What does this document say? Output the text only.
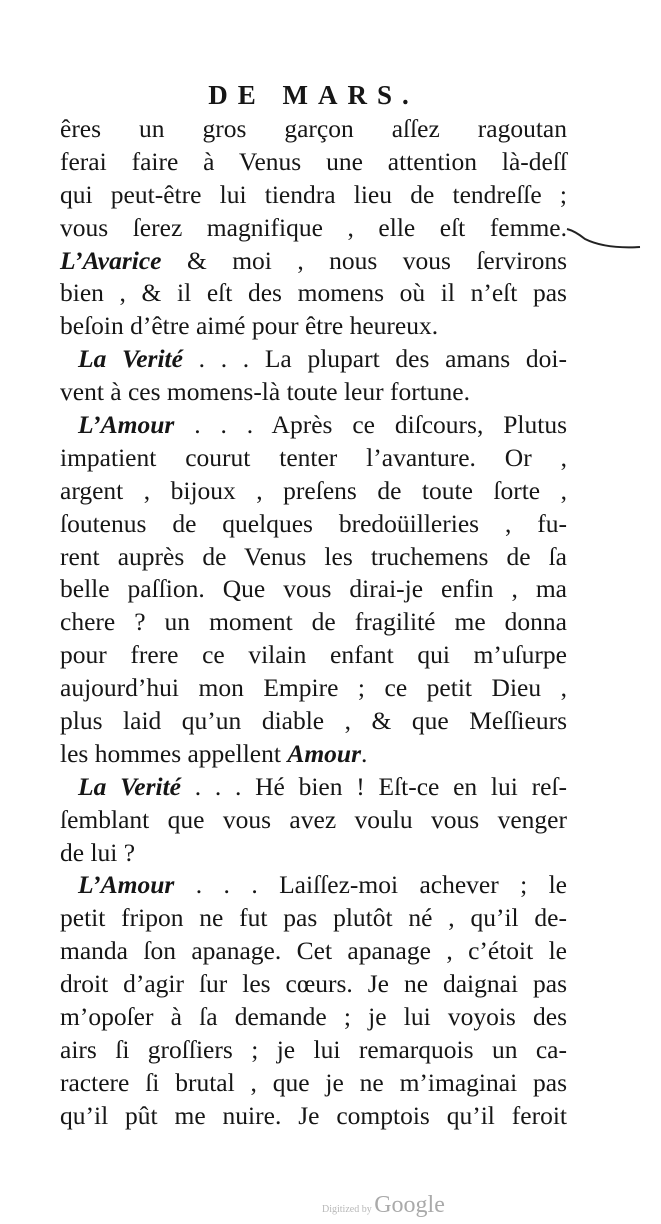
DE MARS.
êres un gros garçon aſſez ragoutan
ferai faire à Venus une attention là-deſſ
qui peut-être lui tiendra lieu de tendreſſe ;
vous ſerez magnifique , elle eſt femme.
L’Avarice & moi , nous vous ſervirons
bien , & il eſt des momens où il n’eſt pas
beſoin d’être aimé pour être heureux.
La Verité . . . La plupart des amans doi-
vent à ces momens-là toute leur fortune.
L’Amour . . . Après ce diſcours, Plutus
impatient courut tenter l’avanture. Or ,
argent , bijoux , preſens de toute ſorte ,
ſoutenus de quelques bredoüilleries , fu-
rent auprès de Venus les truchemens de ſa
belle paſſion. Que vous dirai-je enfin , ma
chere ? un moment de fragilité me donna
pour frere ce vilain enfant qui m’uſurpe
aujourd’hui mon Empire ; ce petit Dieu ,
plus laid qu’un diable , & que Meſſieurs
les hommes appellent Amour.
La Verité . . . Hé bien ! Eſt-ce en lui reſ-
ſemblant que vous avez voulu vous venger
de lui ?
L’Amour . . . Laiſſez-moi achever ; le
petit fripon ne fut pas plutôt né , qu’il de-
manda ſon apanage. Cet apanage , c’étoit le
droit d’agir ſur les cœurs. Je ne daignai pas
m’opoſer à ſa demande ; je lui voyois des
airs ſi groſſiers ; je lui remarquois un ca-
ractere ſi brutal , que je ne m’imaginai pas
qu’il pût me nuire. Je comptois qu’il feroit
Digitized by Google
